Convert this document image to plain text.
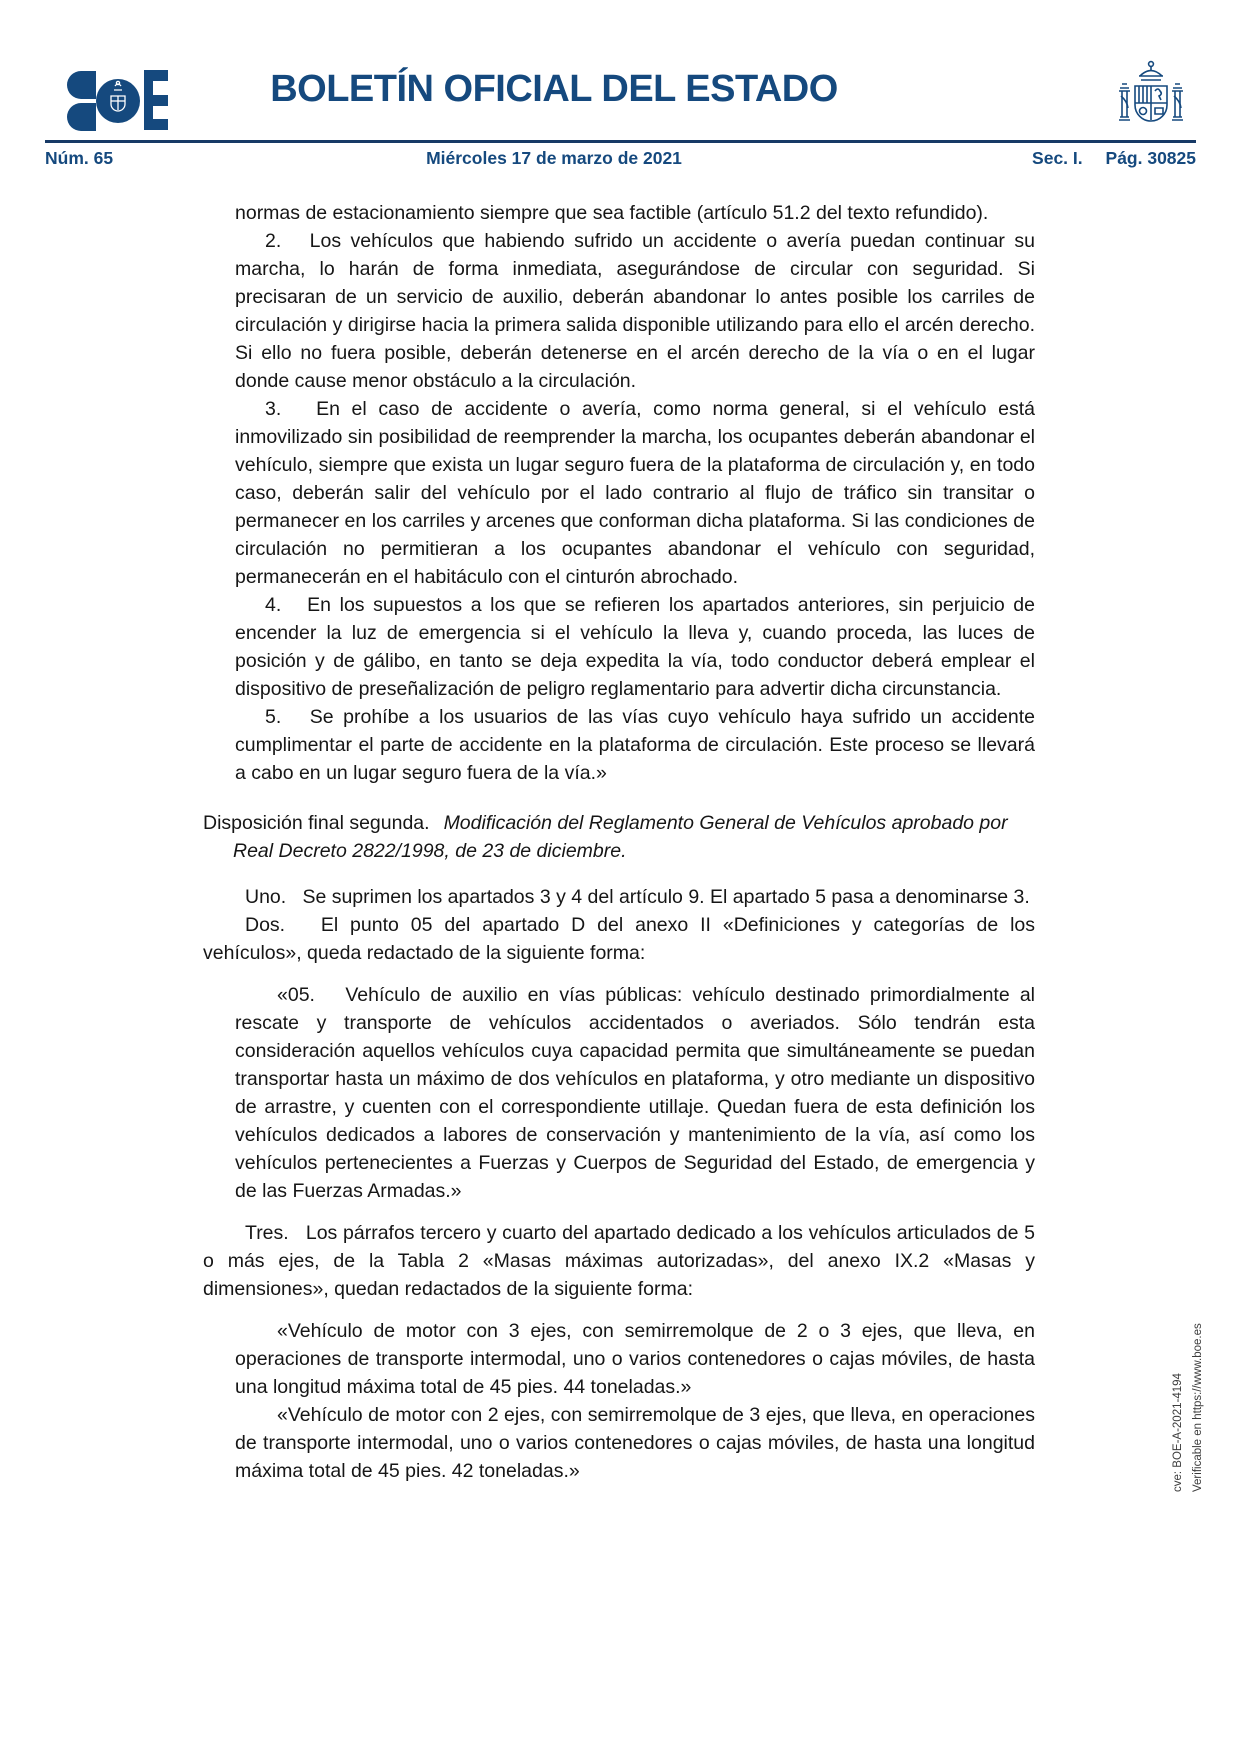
BOLETÍN OFICIAL DEL ESTADO
Núm. 65	Miércoles 17 de marzo de 2021	Sec. I. Pág. 30825

normas de estacionamiento siempre que sea factible (artículo 51.2 del texto refundido).

2.   Los vehículos que habiendo sufrido un accidente o avería puedan continuar su marcha, lo harán de forma inmediata, asegurándose de circular con seguridad. Si precisaran de un servicio de auxilio, deberán abandonar lo antes posible los carriles de circulación y dirigirse hacia la primera salida disponible utilizando para ello el arcén derecho. Si ello no fuera posible, deberán detenerse en el arcén derecho de la vía o en el lugar donde cause menor obstáculo a la circulación.

3.   En el caso de accidente o avería, como norma general, si el vehículo está inmovilizado sin posibilidad de reemprender la marcha, los ocupantes deberán abandonar el vehículo, siempre que exista un lugar seguro fuera de la plataforma de circulación y, en todo caso, deberán salir del vehículo por el lado contrario al flujo de tráfico sin transitar o permanecer en los carriles y arcenes que conforman dicha plataforma. Si las condiciones de circulación no permitieran a los ocupantes abandonar el vehículo con seguridad, permanecerán en el habitáculo con el cinturón abrochado.

4.   En los supuestos a los que se refieren los apartados anteriores, sin perjuicio de encender la luz de emergencia si el vehículo la lleva y, cuando proceda, las luces de posición y de gálibo, en tanto se deja expedita la vía, todo conductor deberá emplear el dispositivo de preseñalización de peligro reglamentario para advertir dicha circunstancia.

5.   Se prohíbe a los usuarios de las vías cuyo vehículo haya sufrido un accidente cumplimentar el parte de accidente en la plataforma de circulación. Este proceso se llevará a cabo en un lugar seguro fuera de la vía.»

Disposición final segunda. Modificación del Reglamento General de Vehículos aprobado por Real Decreto 2822/1998, de 23 de diciembre.

Uno.   Se suprimen los apartados 3 y 4 del artículo 9. El apartado 5 pasa a denominarse 3.

Dos.   El punto 05 del apartado D del anexo II «Definiciones y categorías de los vehículos», queda redactado de la siguiente forma:

«05.   Vehículo de auxilio en vías públicas: vehículo destinado primordialmente al rescate y transporte de vehículos accidentados o averiados. Sólo tendrán esta consideración aquellos vehículos cuya capacidad permita que simultáneamente se puedan transportar hasta un máximo de dos vehículos en plataforma, y otro mediante un dispositivo de arrastre, y cuenten con el correspondiente utillaje. Quedan fuera de esta definición los vehículos dedicados a labores de conservación y mantenimiento de la vía, así como los vehículos pertenecientes a Fuerzas y Cuerpos de Seguridad del Estado, de emergencia y de las Fuerzas Armadas.»

Tres.   Los párrafos tercero y cuarto del apartado dedicado a los vehículos articulados de 5 o más ejes, de la Tabla 2 «Masas máximas autorizadas», del anexo IX.2 «Masas y dimensiones», quedan redactados de la siguiente forma:

«Vehículo de motor con 3 ejes, con semirremolque de 2 o 3 ejes, que lleva, en operaciones de transporte intermodal, uno o varios contenedores o cajas móviles, de hasta una longitud máxima total de 45 pies. 44 toneladas.»

«Vehículo de motor con 2 ejes, con semirremolque de 3 ejes, que lleva, en operaciones de transporte intermodal, uno o varios contenedores o cajas móviles, de hasta una longitud máxima total de 45 pies. 42 toneladas.»	cve: BOE-A-2021-4194 Verificable en https://www.boe.es
